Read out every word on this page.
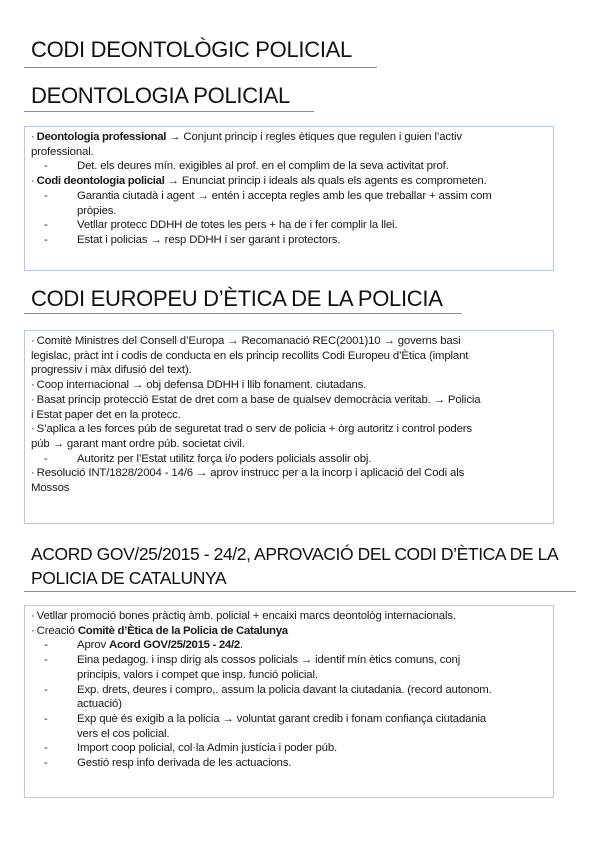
CODI DEONTOLÒGIC POLICIAL
DEONTOLOGIA POLICIAL
· Deontologia professional → Conjunt princip i regles ètiques que regulen i guien l’activ
professional.
-	Det. els deures mín. exigibles al prof. en el complim de la seva activitat prof.
· Codi deontologia policial → Enunciat princip i ideals als quals els agents es comprometen.
-	Garantia ciutadà i agent → entén i accepta regles amb les que treballar + assim com
pròpies.
-	Vetllar protecc DDHH de totes les pers + ha de i fer complir la llei.
-	Estat i policias → resp DDHH i ser garant i protectors.
CODI EUROPEU D’ÈTICA DE LA POLICIA
· Comitè Ministres del Consell d’Europa → Recomanació REC(2001)10 → governs basi
legislac, pràct int i codis de conducta en els princip recollits Codi Europeu d’Ètica (implant
progressiv i màx difusió del text).
· Coop internacional → obj defensa DDHH i llib fonament. ciutadans.
· Basat princip protecció Estat de dret com a base de qualsev democràcia veritab. → Policia
i Estat paper det en la protecc.
· S’aplica a les forces púb de seguretat trad o serv de policia + òrg autoritz i control poders
púb → garant mant ordre púb. societat civil.
-	Autoritz per l’Estat utilitz força i/o poders policials assolir obj.
· Resolució INT/1828/2004 - 14/6 → aprov instrucc per a la incorp i aplicació del Codi als
Mossos
ACORD GOV/25/2015 - 24/2, APROVACIÓ DEL CODI D’ÈTICA DE LA
POLICIA DE CATALUNYA
· Vetllar promoció bones pràctiq àmb. policial + encaixi marcs deontològ internacionals.
· Creació Comitè d’Ètica de la Policia de Catalunya
-	Aprov Acord GOV/25/2015 - 24/2.
-	Eina pedagog. i insp dirig als cossos policials → identif mín ètics comuns, conj
principis, valors i compet que insp. funció policial.
-	Exp. drets, deures i compro,. assum la policia davant la ciutadania. (record autonom.
actuació)
-	Exp què és exigib a la policia → voluntat garant credib i fonam confiança ciutadania
vers el cos policial.
-	Import coop policial, col·la Admin justícia i poder púb.
-	Gestió resp info derivada de les actuacions.
